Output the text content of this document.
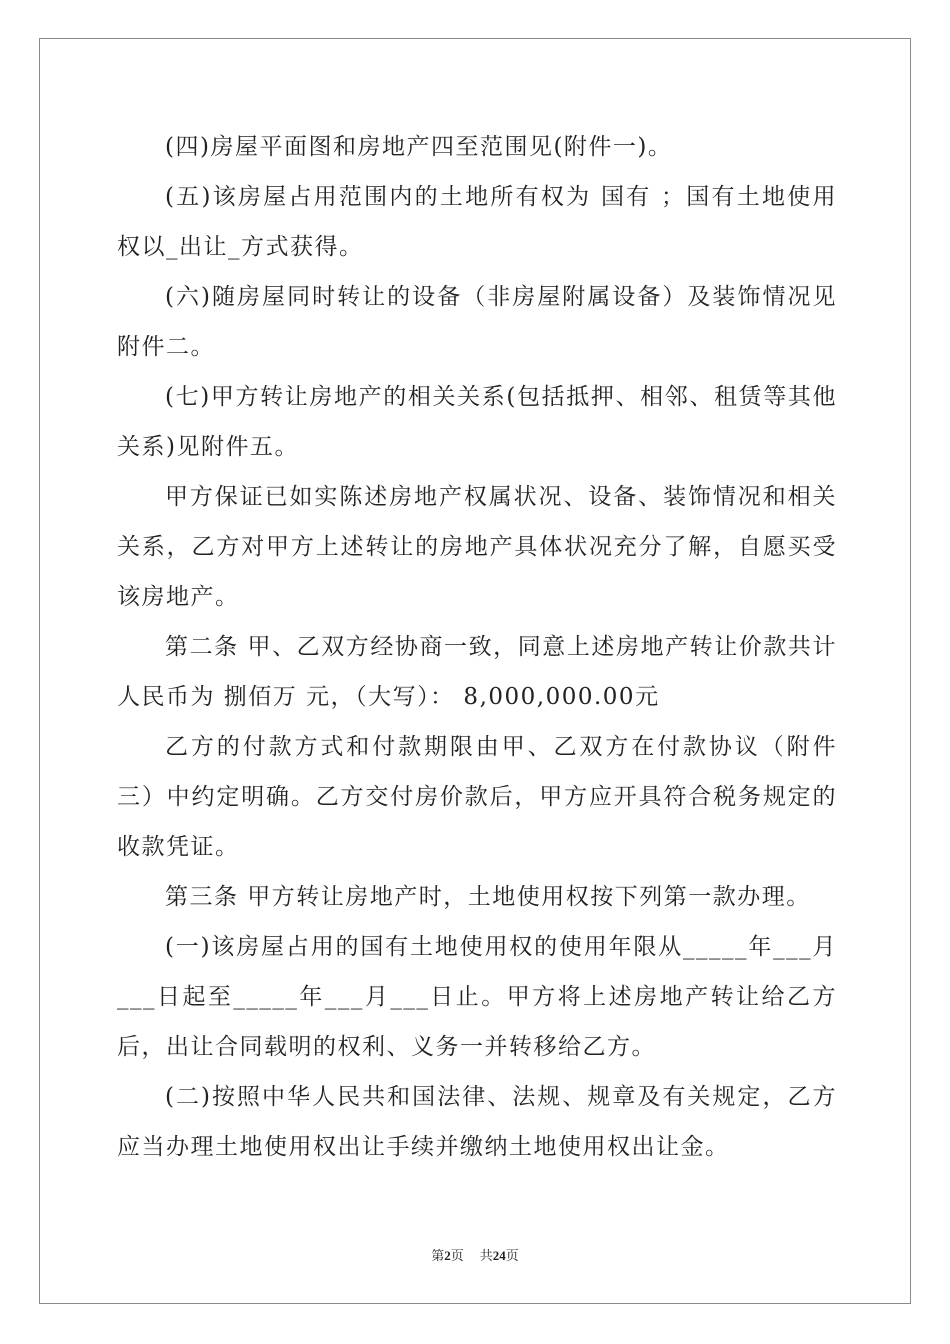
(四)房屋平面图和房地产四至范围见(附件一)。

(五)该房屋占用范围内的土地所有权为 国有 ；国有土地使用权以_出让_方式获得。

(六)随房屋同时转让的设备（非房屋附属设备）及装饰情况见附件二。

(七)甲方转让房地产的相关关系(包括抵押、相邻、租赁等其他关系)见附件五。

甲方保证已如实陈述房地产权属状况、设备、装饰情况和相关关系，乙方对甲方上述转让的房地产具体状况充分了解，自愿买受该房地产。

第二条 甲、乙双方经协商一致，同意上述房地产转让价款共计人民币为 捌佰万 元，（大写）： 8,000,000.00元

乙方的付款方式和付款期限由甲、乙双方在付款协议（附件三）中约定明确。乙方交付房价款后，甲方应开具符合税务规定的收款凭证。

第三条 甲方转让房地产时，土地使用权按下列第一款办理。

(一)该房屋占用的国有土地使用权的使用年限从_____年___月___日起至_____年___月___日止。甲方将上述房地产转让给乙方后，出让合同载明的权利、义务一并转移给乙方。

(二)按照中华人民共和国法律、法规、规章及有关规定，乙方应当办理土地使用权出让手续并缴纳土地使用权出让金。

第2页 共24页
